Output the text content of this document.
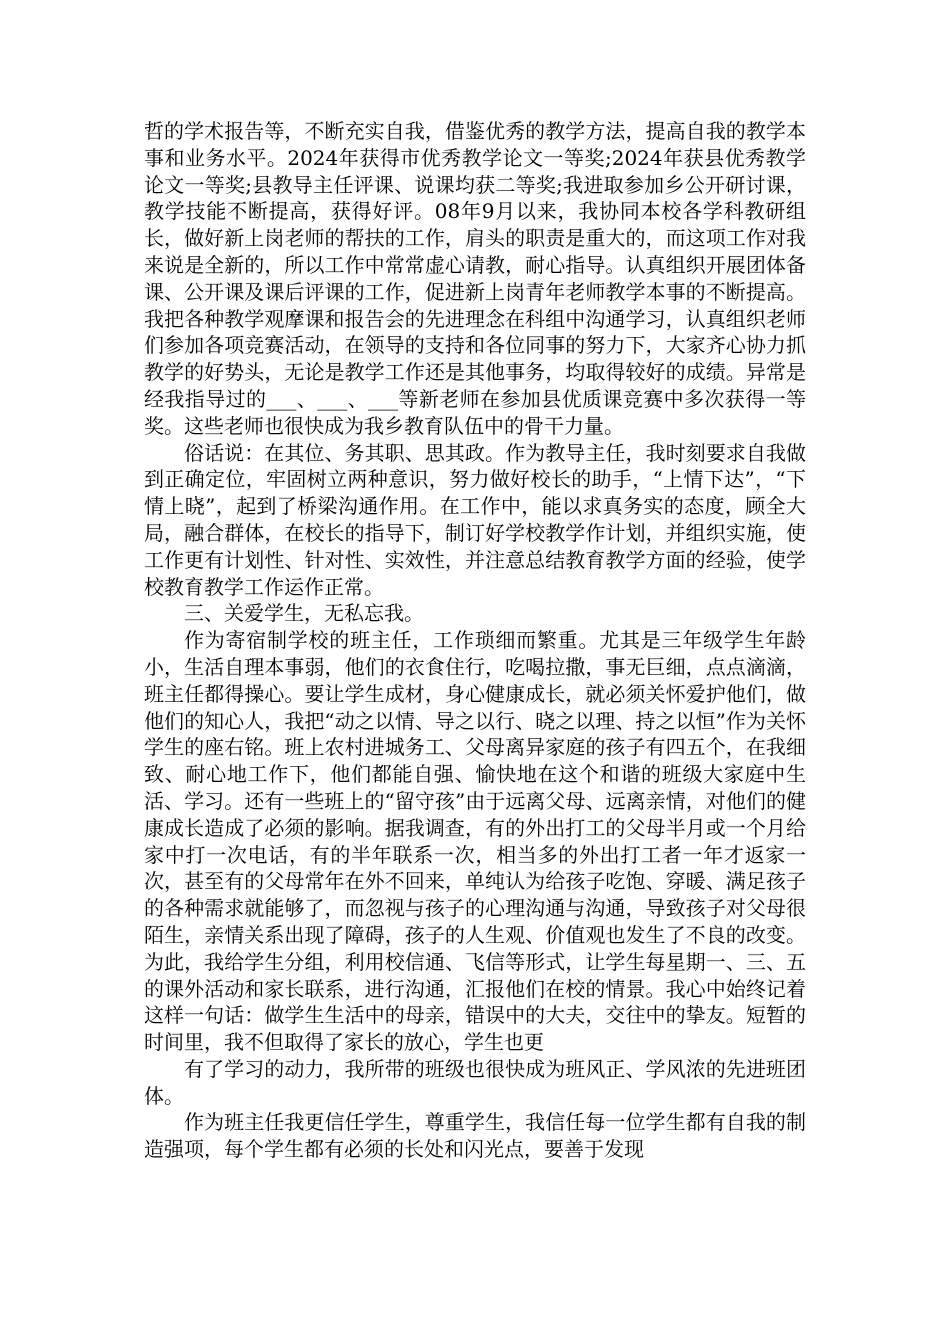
哲的学术报告等，不断充实自我，借鉴优秀的教学方法，提高自我的教学本事和业务水平。2024年获得市优秀教学论文一等奖;2024年获县优秀教学论文一等奖;县教导主任评课、说课均获二等奖;我进取参加乡公开研讨课，教学技能不断提高，获得好评。08年9月以来，我协同本校各学科教研组长，做好新上岗老师的帮扶的工作，肩头的职责是重大的，而这项工作对我来说是全新的，所以工作中常常虚心请教，耐心指导。认真组织开展团体备课、公开课及课后评课的工作，促进新上岗青年老师教学本事的不断提高。我把各种教学观摩课和报告会的先进理念在科组中沟通学习，认真组织老师们参加各项竞赛活动，在领导的支持和各位同事的努力下，大家齐心协力抓教学的好势头，无论是教学工作还是其他事务，均取得较好的成绩。异常是经我指导过的___、___、___等新老师在参加县优质课竞赛中多次获得一等奖。这些老师也很快成为我乡教育队伍中的骨干力量。

俗话说：在其位、务其职、思其政。作为教导主任，我时刻要求自我做到正确定位，牢固树立两种意识，努力做好校长的助手，“上情下达”，“下情上晓”，起到了桥梁沟通作用。在工作中，能以求真务实的态度，顾全大局，融合群体，在校长的指导下，制订好学校教学作计划，并组织实施，使工作更有计划性、针对性、实效性，并注意总结教育教学方面的经验，使学校教育教学工作运作正常。

三、关爱学生，无私忘我。

作为寄宿制学校的班主任，工作琐细而繁重。尤其是三年级学生年龄小，生活自理本事弱，他们的衣食住行，吃喝拉撒，事无巨细，点点滴滴，班主任都得操心。要让学生成材，身心健康成长，就必须关怀爱护他们，做他们的知心人，我把“动之以情、导之以行、晓之以理、持之以恒”作为关怀学生的座右铭。班上农村进城务工、父母离异家庭的孩子有四五个，在我细致、耐心地工作下，他们都能自强、愉快地在这个和谐的班级大家庭中生活、学习。还有一些班上的“留守孩”由于远离父母、远离亲情，对他们的健康成长造成了必须的影响。据我调查，有的外出打工的父母半月或一个月给家中打一次电话，有的半年联系一次，相当多的外出打工者一年才返家一次，甚至有的父母常年在外不回来，单纯认为给孩子吃饱、穿暖、满足孩子的各种需求就能够了，而忽视与孩子的心理沟通与沟通，导致孩子对父母很陌生，亲情关系出现了障碍，孩子的人生观、价值观也发生了不良的改变。为此，我给学生分组，利用校信通、飞信等形式，让学生每星期一、三、五的课外活动和家长联系，进行沟通，汇报他们在校的情景。我心中始终记着这样一句话：做学生生活中的母亲，错误中的大夫，交往中的挚友。短暂的时间里，我不但取得了家长的放心，学生也更

有了学习的动力，我所带的班级也很快成为班风正、学风浓的先进班团体。

作为班主任我更信任学生，尊重学生，我信任每一位学生都有自我的制造强项，每个学生都有必须的长处和闪光点，要善于发现
